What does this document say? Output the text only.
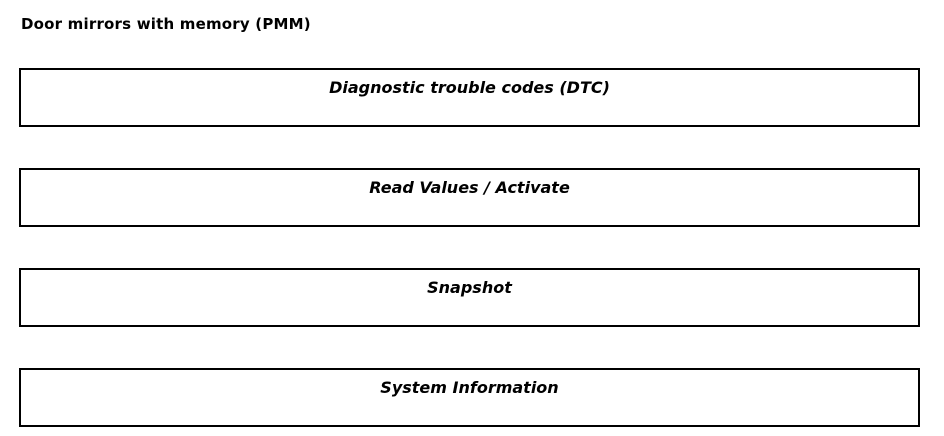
Door mirrors with memory (PMM)
Diagnostic trouble codes (DTC)
Read Values / Activate
Snapshot
System Information
